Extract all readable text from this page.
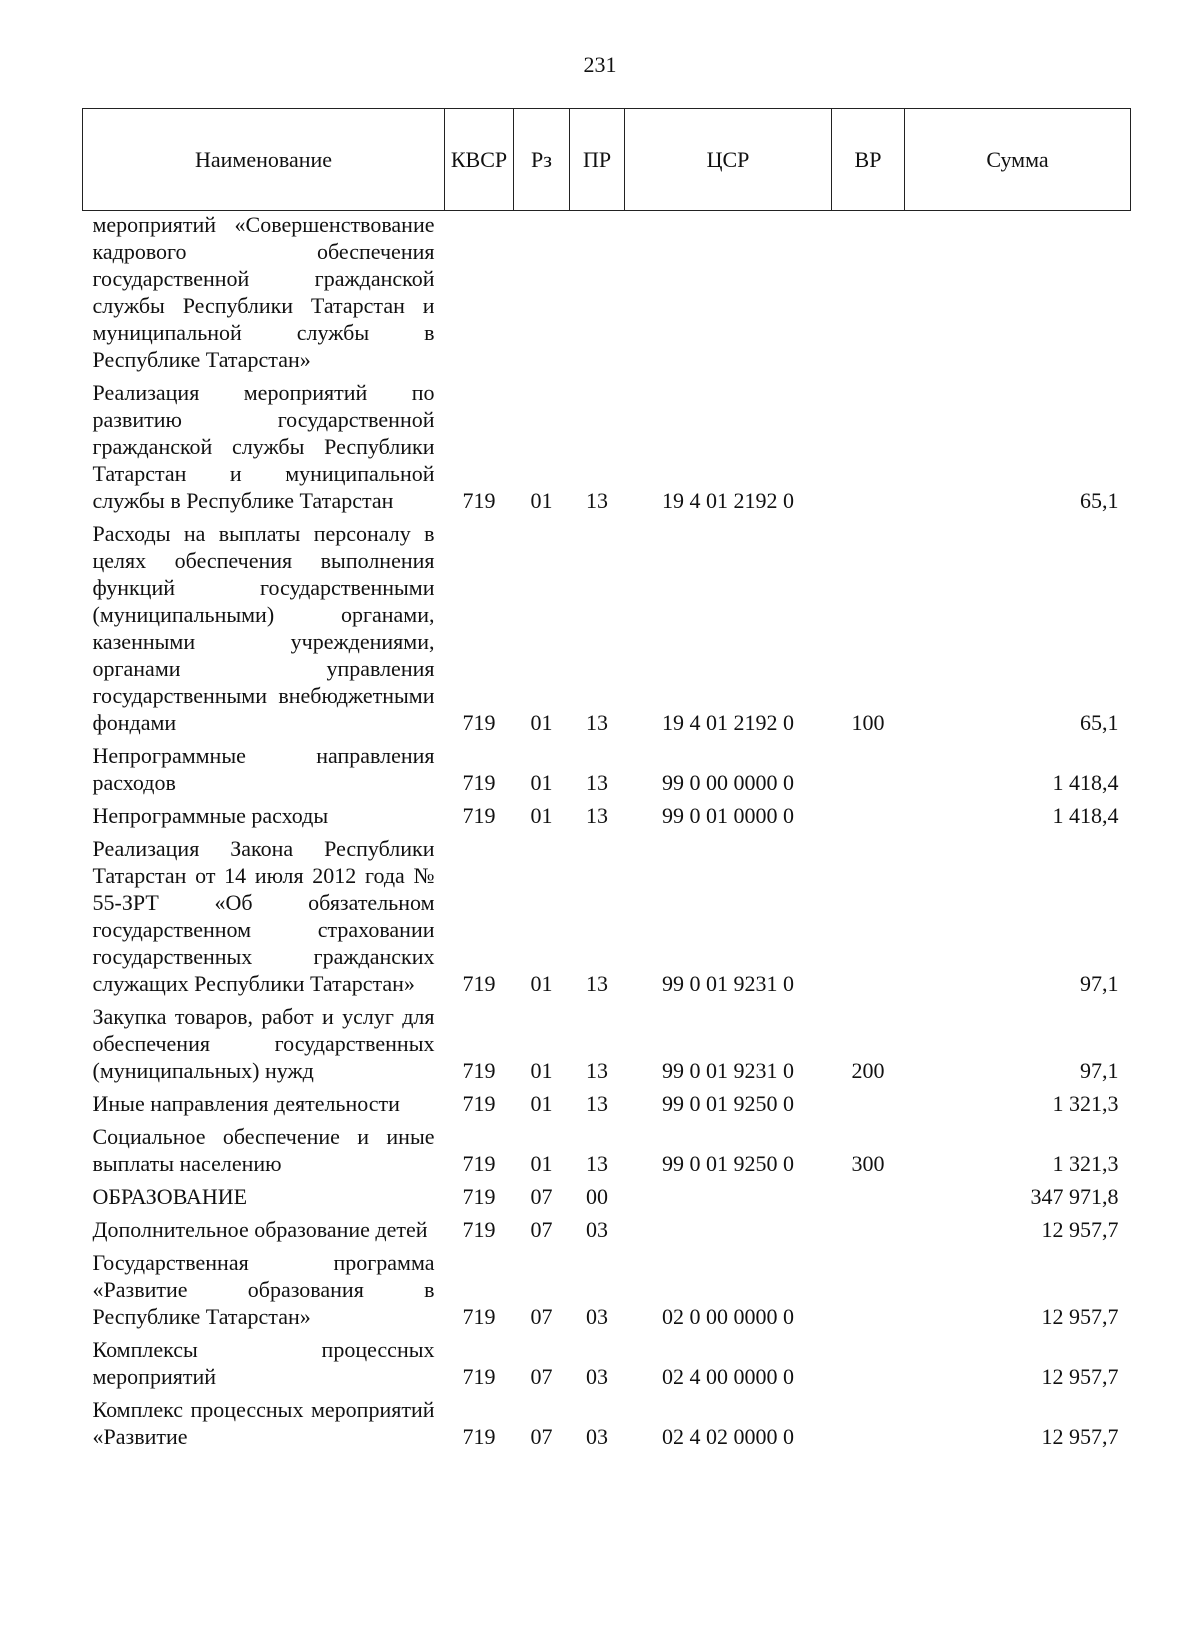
231
Наименование	КВСР	Рз	ПР	ЦСР	ВР	Сумма
мероприятий «Совершенствование кадрового обеспечения государственной гражданской службы Республики Татарстан и муниципальной службы в Республике Татарстан»						
Реализация мероприятий по развитию государственной гражданской службы Республики Татарстан и муниципальной службы в Республике Татарстан	719	01	13	19 4 01 2192 0		65,1
Расходы на выплаты персоналу в целях обеспечения выполнения функций государственными (муниципальными) органами, казенными учреждениями, органами управления государственными внебюджетными фондами	719	01	13	19 4 01 2192 0	100	65,1
Непрограммные направления расходов	719	01	13	99 0 00 0000 0		1 418,4
Непрограммные расходы	719	01	13	99 0 01 0000 0		1 418,4
Реализация Закона Республики Татарстан от 14 июля 2012 года № 55-ЗРТ «Об обязательном государственном страховании государственных гражданских служащих Республики Татарстан»	719	01	13	99 0 01 9231 0		97,1
Закупка товаров, работ и услуг для обеспечения государственных (муниципальных) нужд	719	01	13	99 0 01 9231 0	200	97,1
Иные направления деятельности	719	01	13	99 0 01 9250 0		1 321,3
Социальное обеспечение и иные выплаты населению	719	01	13	99 0 01 9250 0	300	1 321,3
ОБРАЗОВАНИЕ	719	07	00			347 971,8
Дополнительное образование детей	719	07	03			12 957,7
Государственная программа «Развитие образования в Республике Татарстан»	719	07	03	02 0 00 0000 0		12 957,7
Комплексы процессных мероприятий	719	07	03	02 4 00 0000 0		12 957,7
Комплекс процессных мероприятий «Развитие	719	07	03	02 4 02 0000 0		12 957,7
